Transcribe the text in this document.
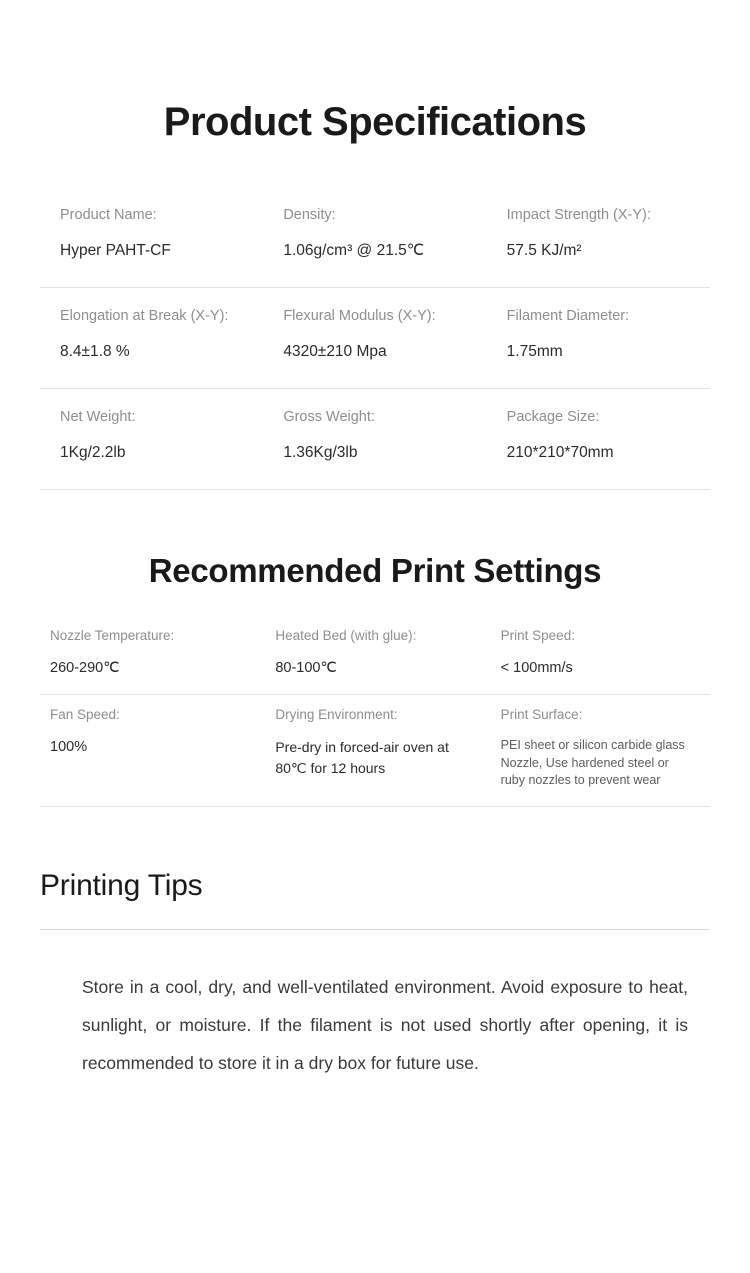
Product Specifications
Product Name:
Hyper PAHT-CF
Density:
1.06g/cm³ @ 21.5℃
Impact Strength (X-Y):
57.5 KJ/m²
Elongation at Break (X-Y):
8.4±1.8 %
Flexural Modulus (X-Y):
4320±210 Mpa
Filament Diameter:
1.75mm
Net Weight:
1Kg/2.2lb
Gross Weight:
1.36Kg/3lb
Package Size:
210*210*70mm
Recommended Print Settings
Nozzle Temperature:
260-290℃
Heated Bed (with glue):
80-100℃
Print Speed:
< 100mm/s
Fan Speed:
100%
Drying Environment:
Pre-dry in forced-air oven at 80℃ for 12 hours
Print Surface:
PEI sheet or silicon carbide glass Nozzle, Use hardened steel or ruby nozzles to prevent wear
Printing Tips

Store in a cool, dry, and well-ventilated environment. Avoid exposure to heat, sunlight, or moisture. If the filament is not used shortly after opening, it is recommended to store it in a dry box for future use.
